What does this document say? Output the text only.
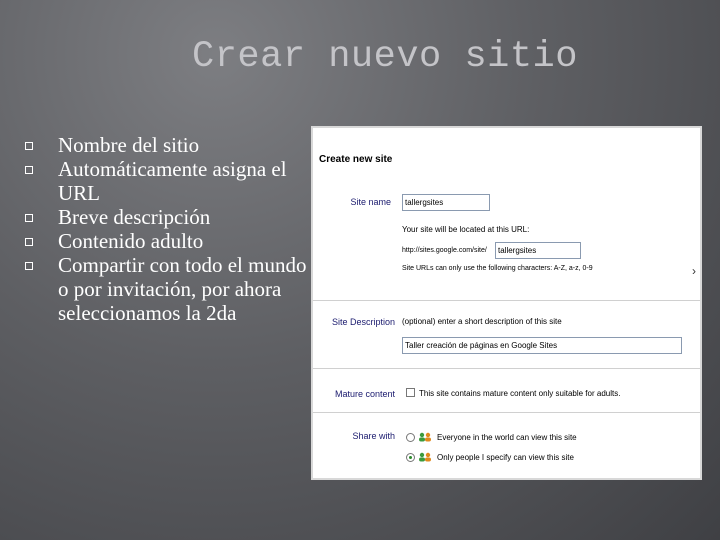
Crear nuevo sitio
Nombre del sitio
Automáticamente asigna el URL
Breve descripción
Contenido adulto
Compartir con todo el mundo o por invitación, por ahora seleccionamos la 2da
Create new site
Site name	tallergsites
Your site will be located at this URL:
http://sites.google.com/site/	tallergsites
Site URLs can only use the following characters: A-Z, a-z, 0-9	›
Site Description (optional) enter a short description of this site
Taller creación de páginas en Google Sites
Mature content	This site contains mature content only suitable for adults.
Share with	Everyone in the world can view this site
Only people I specify can view this site
